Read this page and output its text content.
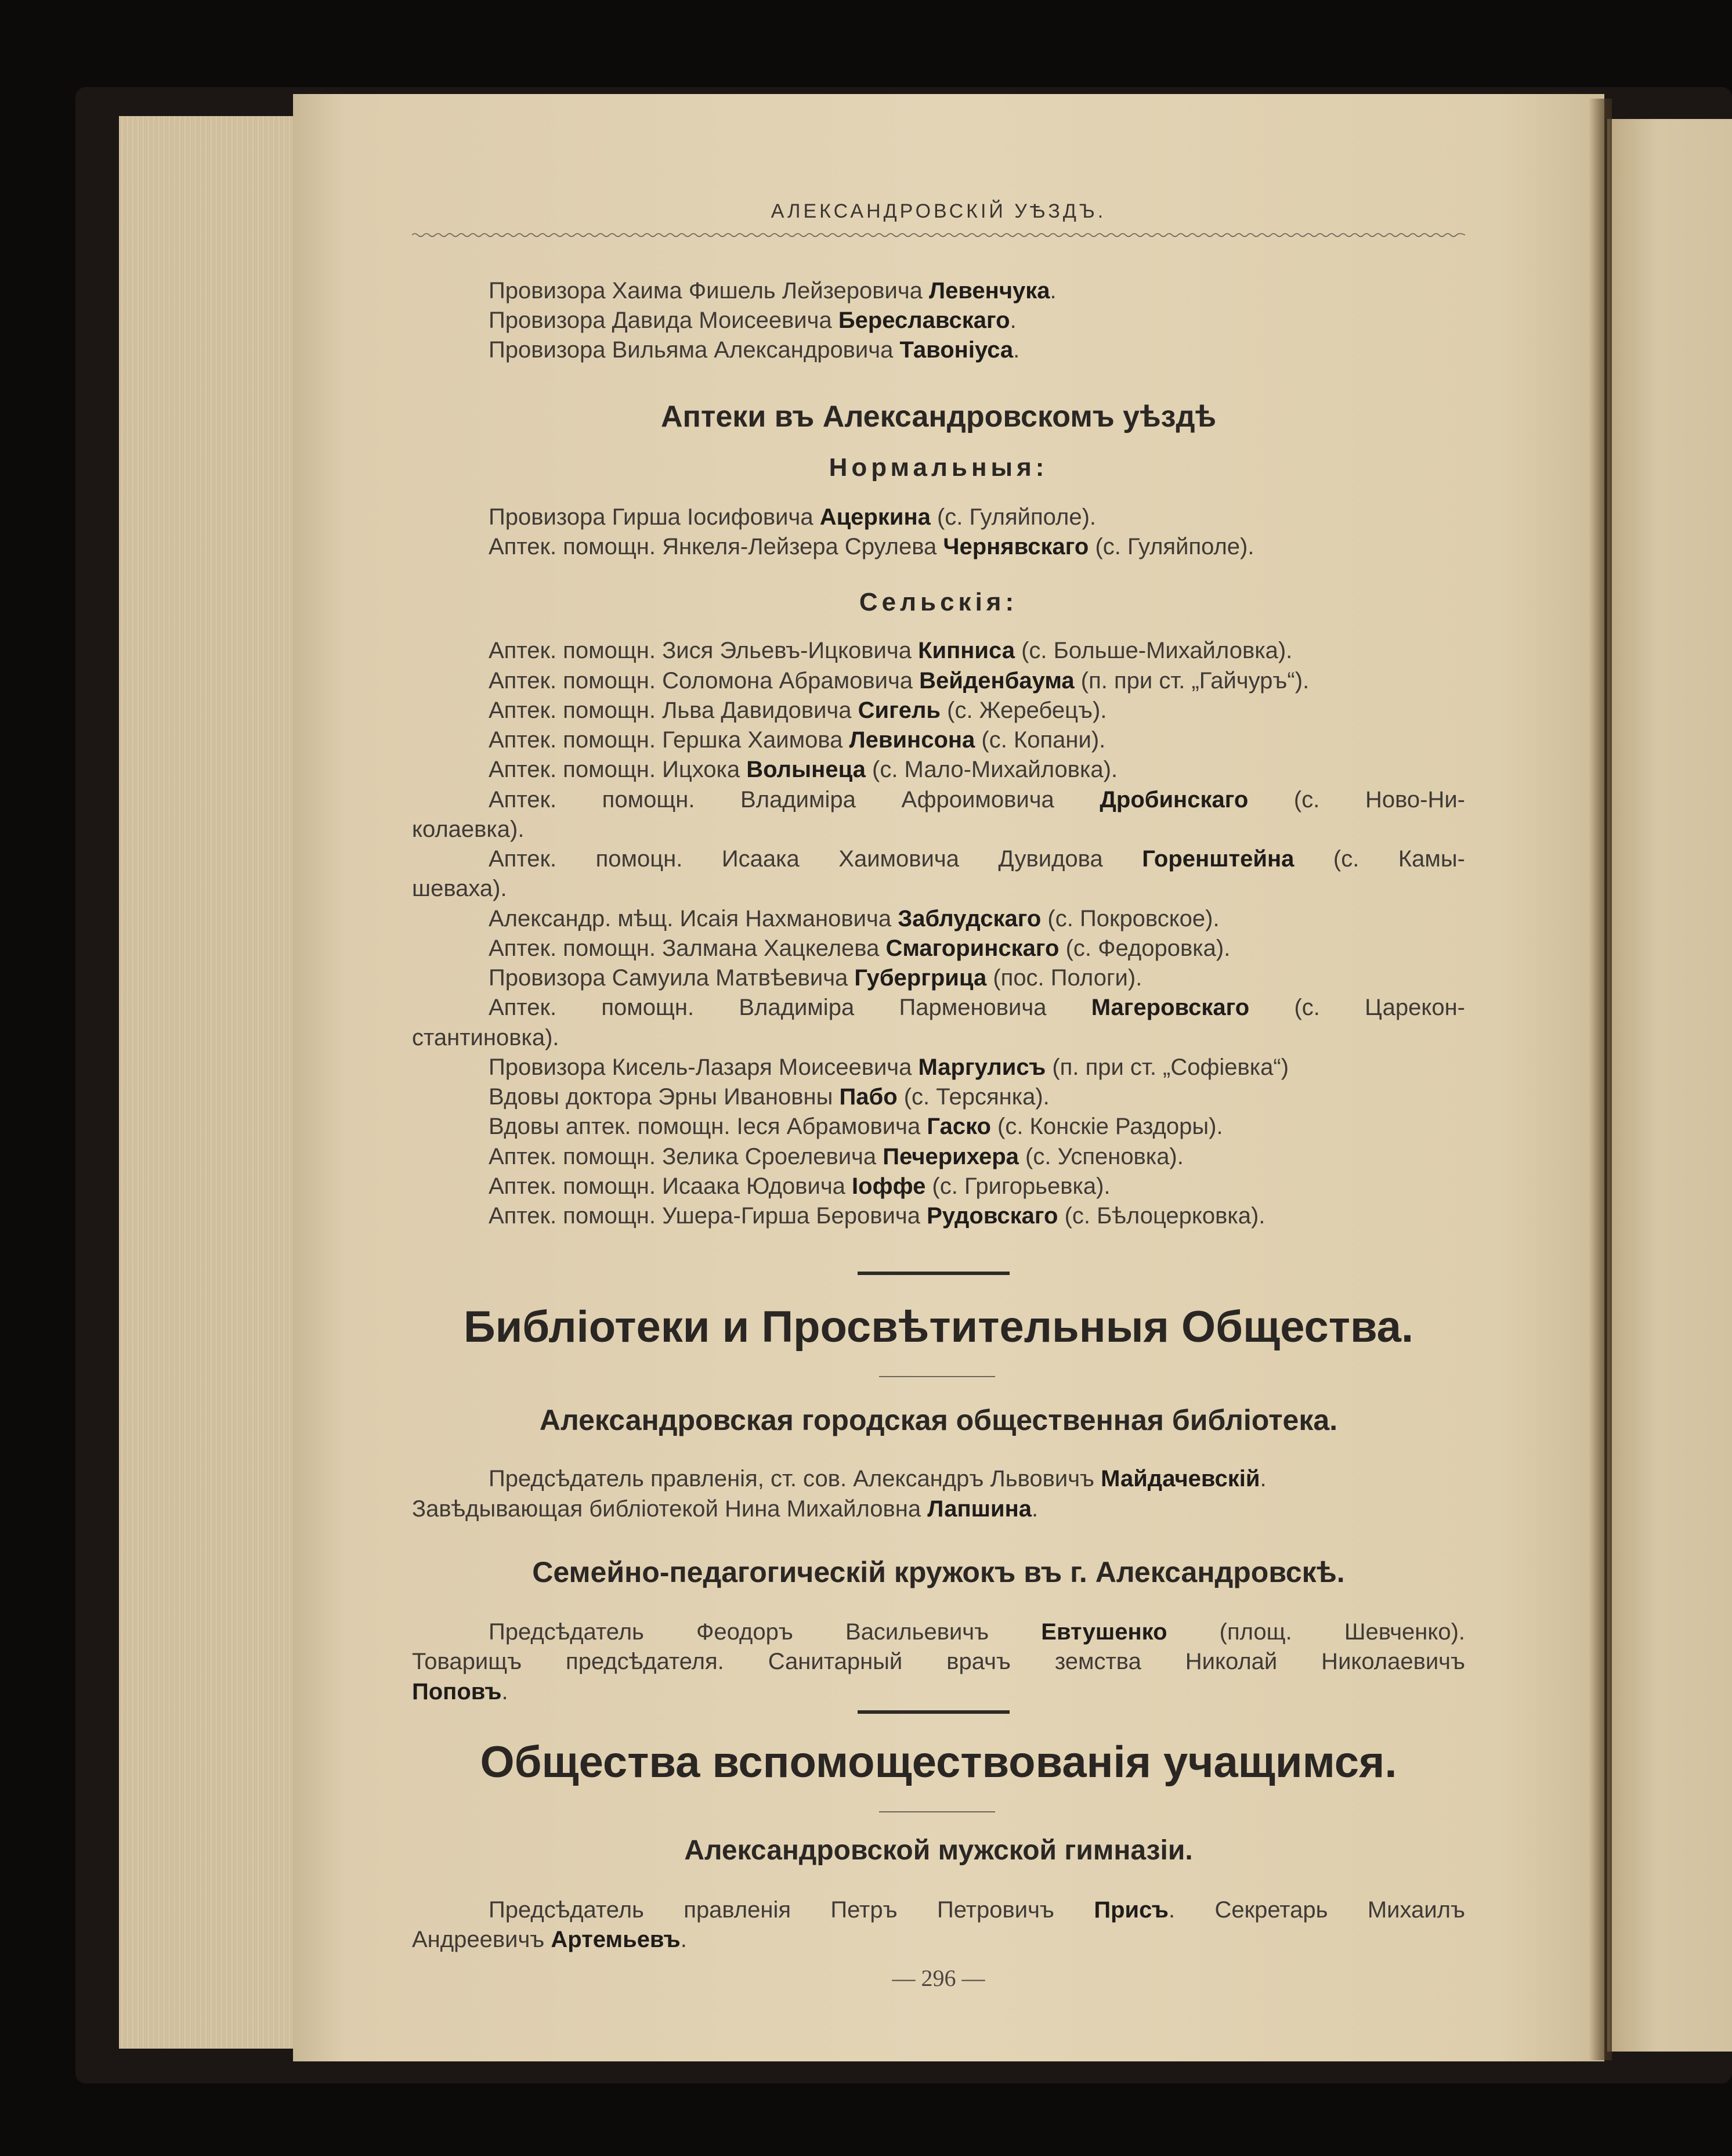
АЛЕКСАНДРОВСКІЙ УѢЗДЪ.
Провизора Хаима Фишель Лейзеровича Левенчука.
Провизора Давида Моисеевича Береславскаго.
Провизора Вильяма Александровича Тавоніуса.
Аптеки въ Александровскомъ уѣздѣ
Нормальныя:
Провизора Гирша Іосифовича Ацеркина (с. Гуляйполе).
Аптек. помощн. Янкеля-Лейзера Срулева Чернявскаго (с. Гуляйполе).
Сельскія:
Аптек. помощн. Зися Эльевъ-Ицковича Кипниса (с. Больше-Михайловка).
Аптек. помощн. Соломона Абрамовича Вейденбаума (п. при ст. „Гайчуръ“).
Аптек. помощн. Льва Давидовича Сигель (с. Жеребецъ).
Аптек. помощн. Гершка Хаимова Левинсона (с. Копани).
Аптек. помощн. Ицхока Волынеца (с. Мало-Михайловка).
Аптек. помощн. Владиміра Афроимовича Дробинскаго (с. Ново-Ни-
колаевка).
Аптек. помоцн. Исаака Хаимовича Дувидова Горенштейна (с. Камы-
шеваха).
Александр. мѣщ. Исаія Нахмановича Заблудскаго (с. Покровское).
Аптек. помощн. Залмана Хацкелева Смагоринскаго (с. Федоровка).
Провизора Самуила Матвѣевича Губергрица (пос. Пологи).
Аптек. помощн. Владиміра Парменовича Магеровскаго (с. Царекон-
стантиновка).
Провизора Кисель-Лазаря Моисеевича Маргулисъ (п. при ст. „Софіевка“)
Вдовы доктора Эрны Ивановны Пабо (с. Терсянка).
Вдовы аптек. помощн. Іеся Абрамовича Гаско (с. Конскіе Раздоры).
Аптек. помощн. Зелика Сроелевича Печерихера (с. Успеновка).
Аптек. помощн. Исаака Юдовича Іоффе (с. Григорьевка).
Аптек. помощн. Ушера-Гирша Беровича Рудовскаго (с. Бѣлоцерковка).
Библіотеки и Просвѣтительныя Общества.
Александровская городская общественная библіотека.
Предсѣдатель правленія, ст. сов. Александръ Львовичъ Майдачевскій.
Завѣдывающая библіотекой Нина Михайловна Лапшина.
Семейно-педагогическій кружокъ въ г. Александровскѣ.
Предсѣдатель Феодоръ Васильевичъ Евтушенко (площ. Шевченко).
Товарищъ предсѣдателя. Санитарный врачъ земства Николай Николаевичъ
Поповъ.
Общества вспомоществованія учащимся.
Александровской мужской гимназіи.
Предсѣдатель правленія Петръ Петровичъ Присъ. Секретарь Михаилъ
Андреевичъ Артемьевъ.
— 296 —
